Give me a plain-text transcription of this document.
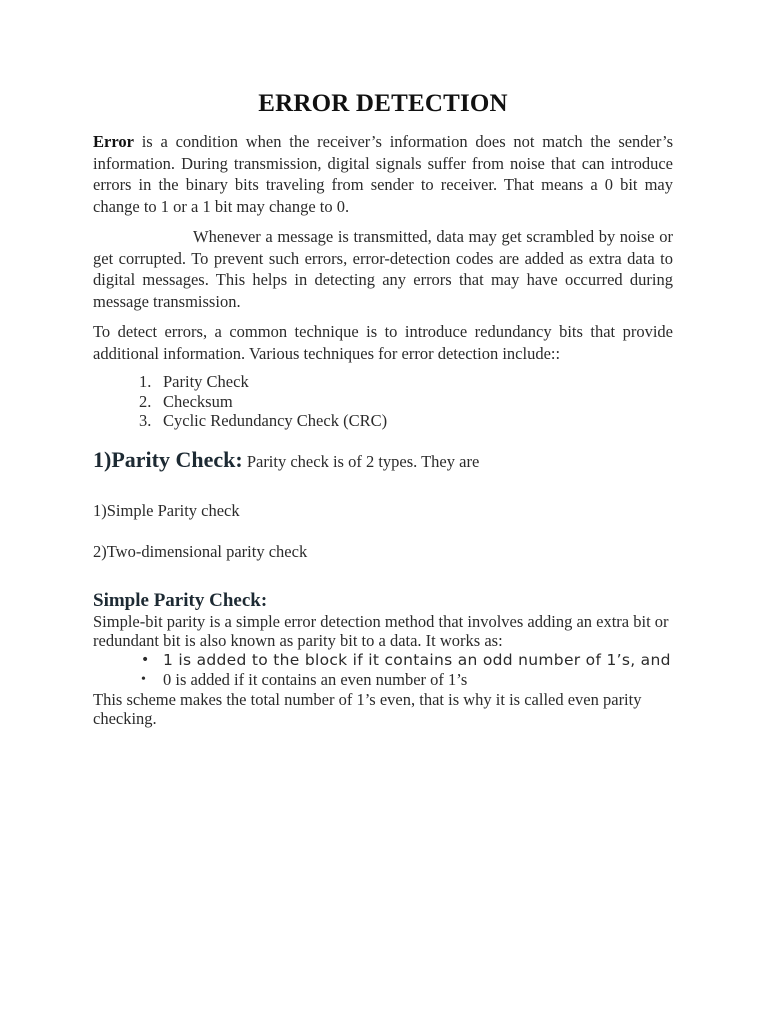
ERROR DETECTION

Error is a condition when the receiver’s information does not match the sender’s information. During transmission, digital signals suffer from noise that can introduce errors in the binary bits traveling from sender to receiver. That means a 0 bit may change to 1 or a 1 bit may change to 0.

Whenever a message is transmitted, data may get scrambled by noise or get corrupted. To prevent such errors, error-detection codes are added as extra data to digital messages. This helps in detecting any errors that may have occurred during message transmission.

To detect errors, a common technique is to introduce redundancy bits that provide additional information. Various techniques for error detection include::

1. Parity Check
2. Checksum
3. Cyclic Redundancy Check (CRC)

1)Parity Check: Parity check is of 2 types. They are

1)Simple Parity check

2)Two-dimensional parity check

Simple Parity Check:

Simple-bit parity is a simple error detection method that involves adding an extra bit or redundant bit is also known as parity bit to a data. It works as:

• 1 is added to the block if it contains an odd number of 1’s, and
• 0 is added if it contains an even number of 1’s

This scheme makes the total number of 1’s even, that is why it is called even parity checking.
